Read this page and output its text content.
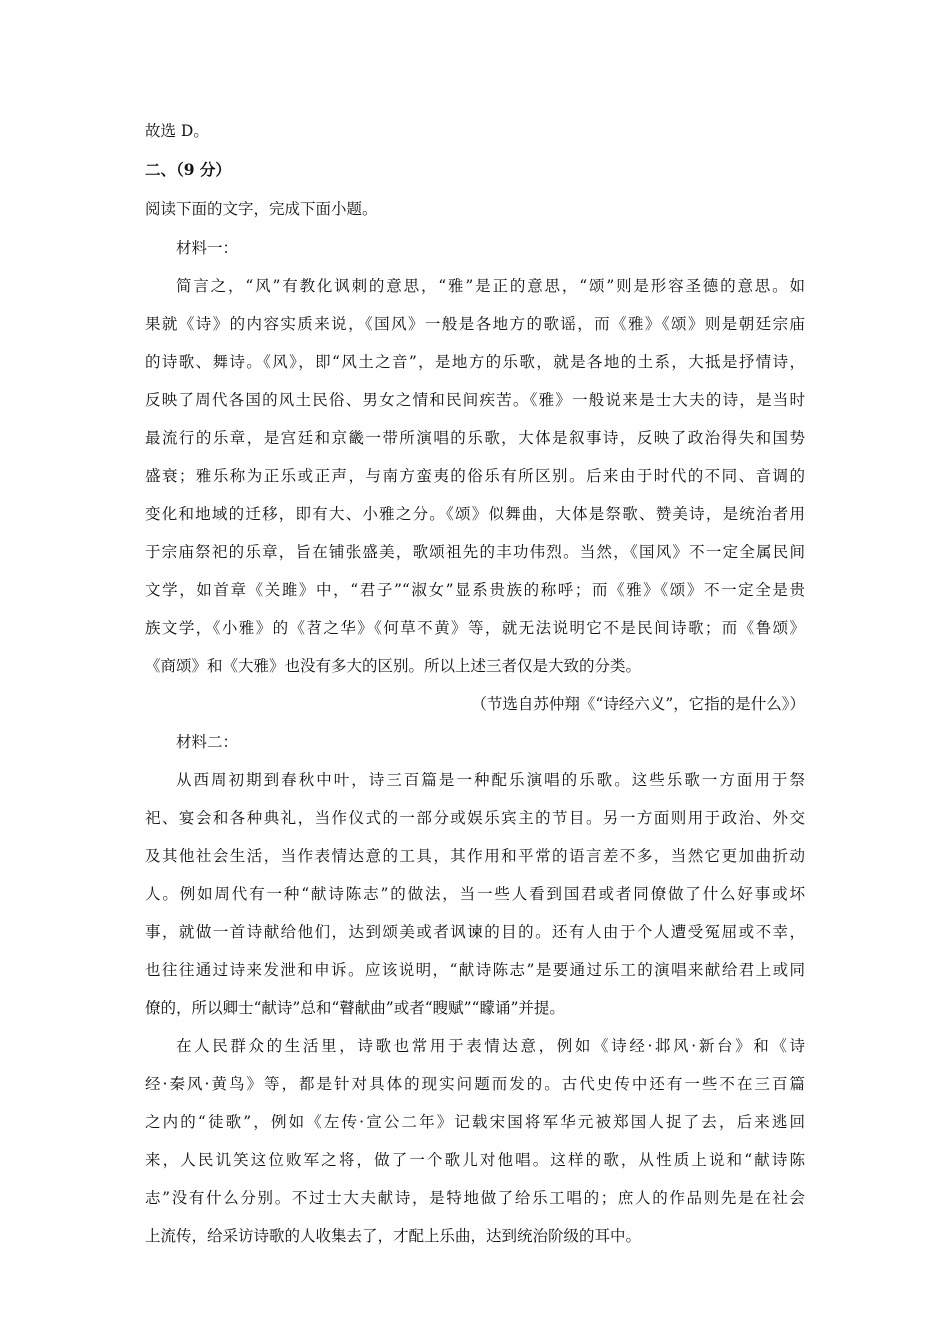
故选 D。
二、（9 分）
阅读下面的文字，完成下面小题。
材料一：
简言之，“风”有教化讽刺的意思，“雅”是正的意思，“颂”则是形容圣德的意思。如
果就《诗》的内容实质来说，《国风》一般是各地方的歌谣，而《雅》《颂》则是朝廷宗庙
的诗歌、舞诗。《风》，即“风土之音”，是地方的乐歌，就是各地的土系，大抵是抒情诗，
反映了周代各国的风土民俗、男女之情和民间疾苦。《雅》一般说来是士大夫的诗，是当时
最流行的乐章，是宫廷和京畿一带所演唱的乐歌，大体是叙事诗，反映了政治得失和国势
盛衰；雅乐称为正乐或正声，与南方蛮夷的俗乐有所区别。后来由于时代的不同、音调的
变化和地域的迁移，即有大、小雅之分。《颂》似舞曲，大体是祭歌、赞美诗，是统治者用
于宗庙祭祀的乐章，旨在铺张盛美，歌颂祖先的丰功伟烈。当然，《国风》不一定全属民间
文学，如首章《关雎》中，“君子”“淑女”显系贵族的称呼；而《雅》《颂》不一定全是贵
族文学，《小雅》的《苕之华》《何草不黄》等，就无法说明它不是民间诗歌；而《鲁颂》
《商颂》和《大雅》也没有多大的区别。所以上述三者仅是大致的分类。
（节选自苏仲翔《“诗经六义”，它指的是什么》）
材料二：
从西周初期到春秋中叶，诗三百篇是一种配乐演唱的乐歌。这些乐歌一方面用于祭
祀、宴会和各种典礼，当作仪式的一部分或娱乐宾主的节目。另一方面则用于政治、外交
及其他社会生活，当作表情达意的工具，其作用和平常的语言差不多，当然它更加曲折动
人。例如周代有一种“献诗陈志”的做法，当一些人看到国君或者同僚做了什么好事或坏
事，就做一首诗献给他们，达到颂美或者讽谏的目的。还有人由于个人遭受冤屈或不幸，
也往往通过诗来发泄和申诉。应该说明，“献诗陈志”是要通过乐工的演唱来献给君上或同
僚的，所以卿士“献诗”总和“瞽献曲”或者“瞍赋”“矇诵”并提。
在人民群众的生活里，诗歌也常用于表情达意，例如《诗经·邶风·新台》和《诗
经·秦风·黄鸟》等，都是针对具体的现实问题而发的。古代史传中还有一些不在三百篇
之内的“徒歌”，例如《左传·宣公二年》记载宋国将军华元被郑国人捉了去，后来逃回
来，人民讥笑这位败军之将，做了一个歌儿对他唱。这样的歌，从性质上说和“献诗陈
志”没有什么分别。不过士大夫献诗，是特地做了给乐工唱的；庶人的作品则先是在社会
上流传，给采访诗歌的人收集去了，才配上乐曲，达到统治阶级的耳中。
